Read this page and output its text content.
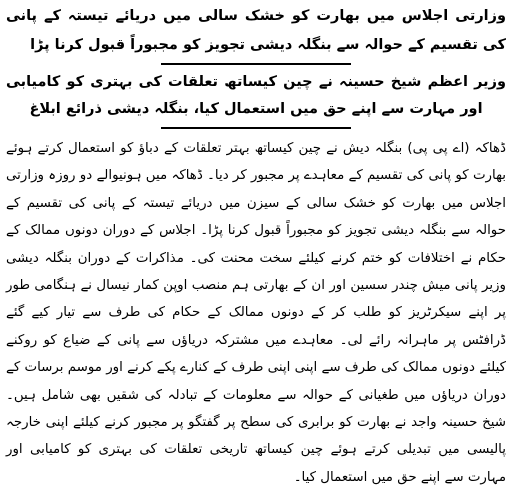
وزارتی اجلاس میں بھارت کو خشک سالی میں دریائے تیستہ کے پانی کی تقسیم کے حوالہ سے بنگلہ دیشی تجویز کو مجبوراً قبول کرنا پڑا

وزیر اعظم شیخ حسینہ نے چین کیساتھ تعلقات کی بہتری کو کامیابی اور مہارت سے اپنے حق میں استعمال کیا، بنگلہ دیشی ذرائع ابلاغ

ڈھاکہ (اے پی پی) بنگلہ دیش نے چین کیساتھ بہتر تعلقات کے دباؤ کو استعمال کرتے ہوئے بھارت کو پانی کی تقسیم کے معاہدے پر مجبور کر دیا۔ ڈھاکہ میں ہونیوالے دو روزہ وزارتی اجلاس میں بھارت کو خشک سالی کے سیزن میں دریائے تیستہ کے پانی کی تقسیم کے حوالہ سے بنگلہ دیشی تجویز کو مجبوراً قبول کرنا پڑا۔ اجلاس کے دوران دونوں ممالک کے حکام نے اختلافات کو ختم کرنے کیلئے سخت محنت کی۔ مذاکرات کے دوران بنگلہ دیشی وزیر پانی میش چندر سسین اور ان کے بھارتی ہم منصب اوپن کمار نیسال نے ہنگامی طور پر اپنے سیکرٹریز کو طلب کر کے دونوں ممالک کے حکام کی طرف سے تیار کیے گئے ڈرافٹس پر ماہرانہ رائے لی۔ معاہدے میں مشترکہ دریاؤں سے پانی کے ضیاع کو روکنے کیلئے دونوں ممالک کی طرف سے اپنی اپنی طرف کے کنارے پکے کرنے اور موسم برسات کے دوران دریاؤں میں طغیانی کے حوالہ سے معلومات کے تبادلہ کی شقیں بھی شامل ہیں۔ شیخ حسینہ واجد نے بھارت کو برابری کی سطح پر گفتگو پر مجبور کرنے کیلئے اپنی خارجہ پالیسی میں تبدیلی کرتے ہوئے چین کیساتھ تاریخی تعلقات کی بہتری کو کامیابی اور مہارت سے اپنے حق میں استعمال کیا۔
